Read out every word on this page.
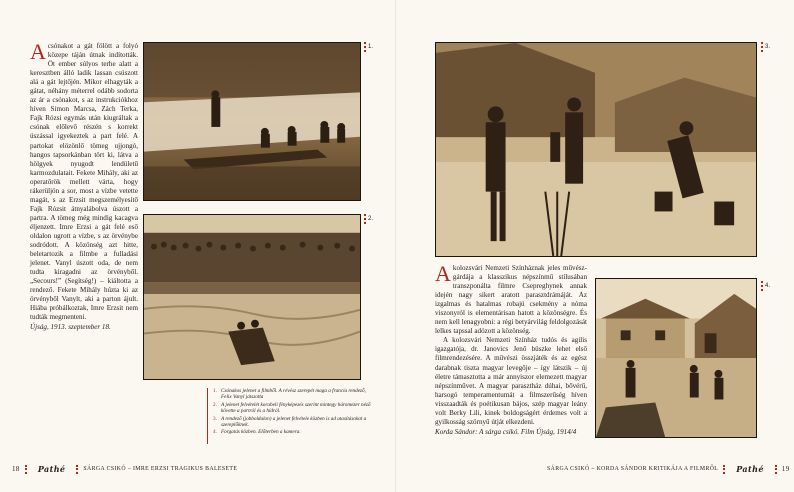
A csónakot a gát fölött a folyó közepe táján útnak indították. Öt ember súlyos terhe alatt a keresztben álló ladik lassan csúszott alá a gát lejtőjén. Mikor elhagyták a gátat, néhány méterrel odább sodorta az ár a csónakot, s az instrukciókhoz híven Simon Marcsa, Zách Terka, Fajk Rózsi egymás után kiugráltak a csónak előlevő részén s korrekt úszással igyekeztek a part felé. A partokat elözönlő tömeg ujjongó, hangos tapsorkánban tört ki, látva a hölgyek nyugodt lendületű karmozdulatait. Fekete Mihály, aki az operatőrök mellett várta, hogy rákerüljön a sor, most a vízbe vetette magát, s az Erzsit megszemélyesítő Fajk Rózsit átnyalábolva úszott a partra. A tömeg még mindig kacagva éljenzett. Imre Erzsi a gát felé eső oldalon ugrott a vízbe, s az örvénybe sodródott. A közönség azt hitte, beletartozik a filmbe a fulladási jelenet. Vanyl úszott oda, de nem tudta kiragadni az örvényből. „Secours!” (Segítség!) – kiáltotta a rendező. Fekete Mihály húzta ki az örvényből Vanylt, aki a parton ájult. Hiába próbálkoztak, Imre Erzsit nem tudták megmenteni.

Újság, 1913. szeptember 18.

1.
2.
1. Csónakos jelenet a filmből. A révész szerepét maga a francia rendező, Felix Vanyl játszotta
2. A jelenet felvételét korabeli fényképezés szerint mintegy háromezer néző követte a partról és a hídról.
3. A rendező (jobboldalon) a jelenet felvétele közben is ad utasításokat a szereplőknek.
4. Forgatás közben. Előterben a kamera.
18 Pathé	SÁRGA CSIKÓ – IMRE ERZSI TRAGIKUS BALESETE
3.

A kolozsvári Nemzeti Színháznak jeles művész-gárdája a klasszikus népszínmű stílusában transzponálta filmre Csepreghynek annak idején nagy sikert aratott parasztdrámáját. Az izgalmas és hatalmas robajú csekmény a nóma viszonyról is elementárisan hatott a közönségre. És nem kell lenagyobni: a régi betyárvilág feldolgozását lelkes tapssal adózott a közönség.

A kolozsvári Nemzeti Színház tudós és agilis igazgatója, dr. Janovics Jenő büszke lehet első filmrendezésére. A művészi összjáték és az egész darabnak tiszta magyar levegője – így látszik – új életre támasztotta a már annyiszor elemezett magyar népszínművet. A magyar parasztház dúhai, bővérű, harsogó temperamentumát a filmszerűség híven visszaadták és poétikusan bájos, szép magyar leány volt Berky Lili, kinek boldogságért érdemes volt a gyilkosság szörnyű útját elkezdeni.

Korda Sándor: A sárga csikó. Film Újság, 1914/4

4.
SÁRGA CSIKÓ – KORDA SÁNDOR KRITIKÁJA A FILMRŐL Pathé	19
